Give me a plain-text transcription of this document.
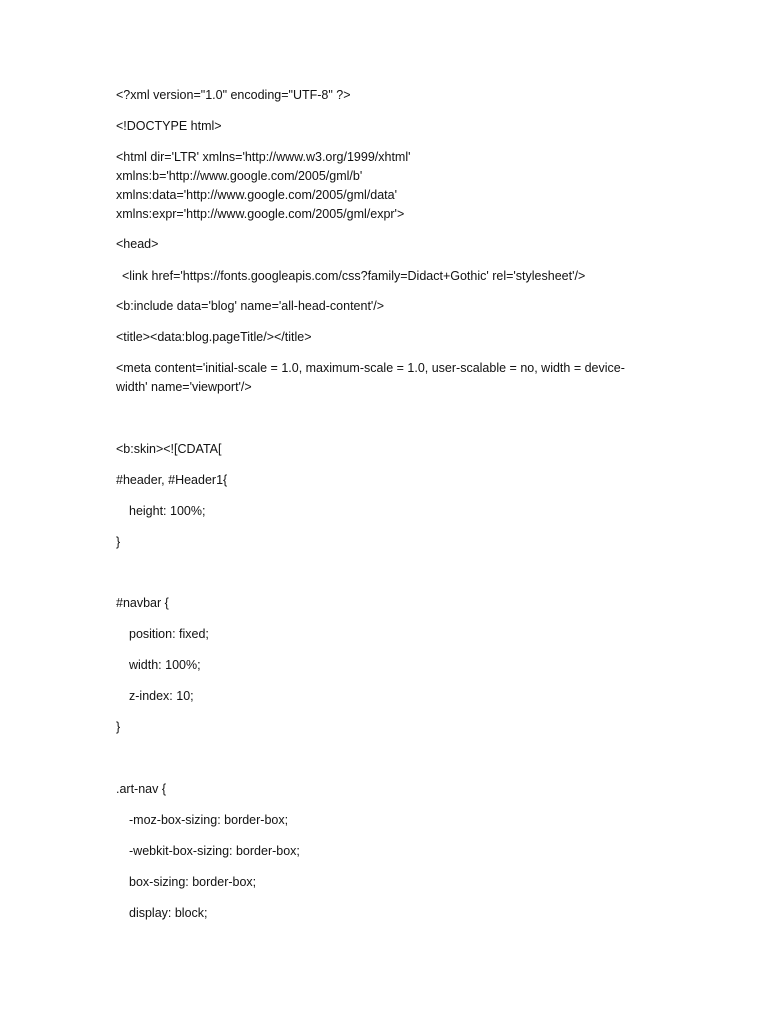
<?xml version="1.0" encoding="UTF-8" ?>
<!DOCTYPE html>
<html dir='LTR' xmlns='http://www.w3.org/1999/xhtml'
xmlns:b='http://www.google.com/2005/gml/b'
xmlns:data='http://www.google.com/2005/gml/data'
xmlns:expr='http://www.google.com/2005/gml/expr'>
<head>
<link href='https://fonts.googleapis.com/css?family=Didact+Gothic' rel='stylesheet'/>
<b:include data='blog' name='all-head-content'/>
<title><data:blog.pageTitle/></title>
<meta content='initial-scale = 1.0, maximum-scale = 1.0, user-scalable = no, width = device-
width' name='viewport'/>
<b:skin><![CDATA[
#header, #Header1{
height: 100%;
}
#navbar {
position: fixed;
width: 100%;
z-index: 10;
}
.art-nav {
-moz-box-sizing: border-box;
-webkit-box-sizing: border-box;
box-sizing: border-box;
display: block;
